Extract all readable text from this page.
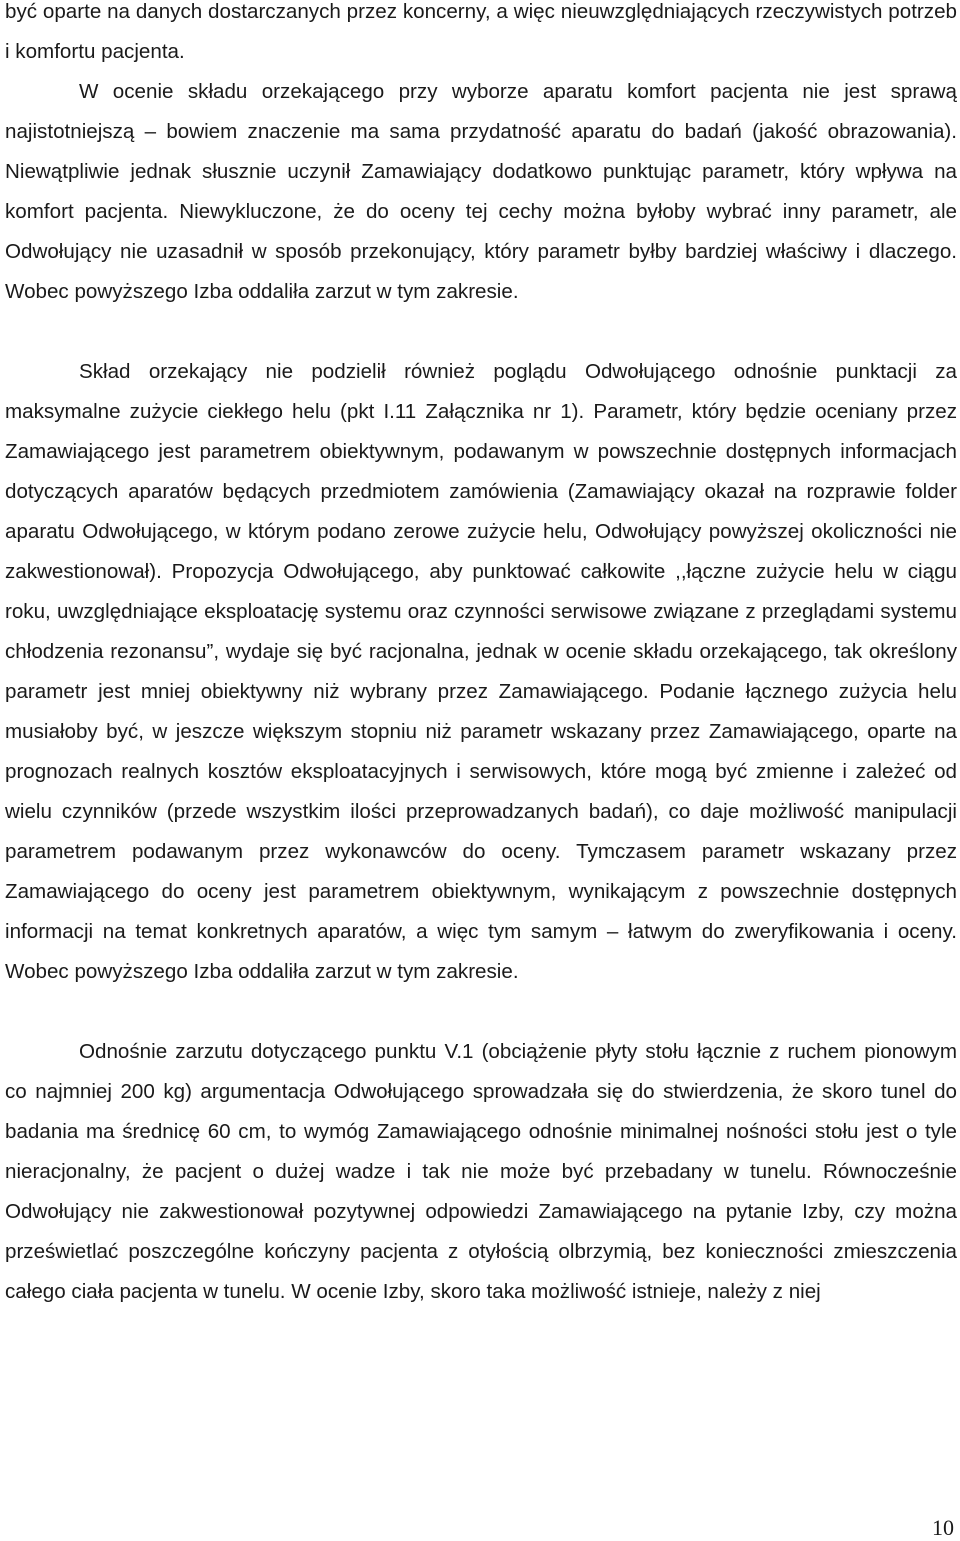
być oparte na danych dostarczanych przez koncerny, a więc nieuwzględniających rzeczywistych potrzeb i komfortu pacjenta.

W ocenie składu orzekającego przy wyborze aparatu komfort pacjenta nie jest sprawą najistotniejszą – bowiem znaczenie ma sama przydatność aparatu do badań (jakość obrazowania). Niewątpliwie jednak słusznie uczynił Zamawiający dodatkowo punktując parametr, który wpływa na komfort pacjenta. Niewykluczone, że do oceny tej cechy można byłoby wybrać inny parametr, ale Odwołujący nie uzasadnił w sposób przekonujący, który parametr byłby bardziej właściwy i dlaczego. Wobec powyższego Izba oddaliła zarzut w tym zakresie.

Skład orzekający nie podzielił również poglądu Odwołującego odnośnie punktacji za maksymalne zużycie ciekłego helu (pkt I.11 Załącznika nr 1). Parametr, który będzie oceniany przez Zamawiającego jest parametrem obiektywnym, podawanym w powszechnie dostępnych informacjach dotyczących aparatów będących przedmiotem zamówienia (Zamawiający okazał na rozprawie folder aparatu Odwołującego, w którym podano zerowe zużycie helu, Odwołujący powyższej okoliczności nie zakwestionował). Propozycja Odwołującego, aby punktować całkowite ,,łączne zużycie helu w ciągu roku, uwzględniające eksploatację systemu oraz czynności serwisowe związane z przeglądami systemu chłodzenia rezonansu”, wydaje się być racjonalna, jednak w ocenie składu orzekającego, tak określony parametr jest mniej obiektywny niż wybrany przez Zamawiającego. Podanie łącznego zużycia helu musiałoby być, w jeszcze większym stopniu niż parametr wskazany przez Zamawiającego, oparte na prognozach realnych kosztów eksploatacyjnych i serwisowych, które mogą być zmienne i zależeć od wielu czynników (przede wszystkim ilości przeprowadzanych badań), co daje możliwość manipulacji parametrem podawanym przez wykonawców do oceny. Tymczasem parametr wskazany przez Zamawiającego do oceny jest parametrem obiektywnym, wynikającym z powszechnie dostępnych informacji na temat konkretnych aparatów, a więc tym samym – łatwym do zweryfikowania i oceny. Wobec powyższego Izba oddaliła zarzut w tym zakresie.

Odnośnie zarzutu dotyczącego punktu V.1 (obciążenie płyty stołu łącznie z ruchem pionowym co najmniej 200 kg) argumentacja Odwołującego sprowadzała się do stwierdzenia, że skoro tunel do badania ma średnicę 60 cm, to wymóg Zamawiającego odnośnie minimalnej nośności stołu jest o tyle nieracjonalny, że pacjent o dużej wadze i tak nie może być przebadany w tunelu. Równocześnie Odwołujący nie zakwestionował pozytywnej odpowiedzi Zamawiającego na pytanie Izby, czy można prześwietlać poszczególne kończyny pacjenta z otyłością olbrzymią, bez konieczności zmieszczenia całego ciała pacjenta w tunelu. W ocenie Izby, skoro taka możliwość istnieje, należy z niej

10
